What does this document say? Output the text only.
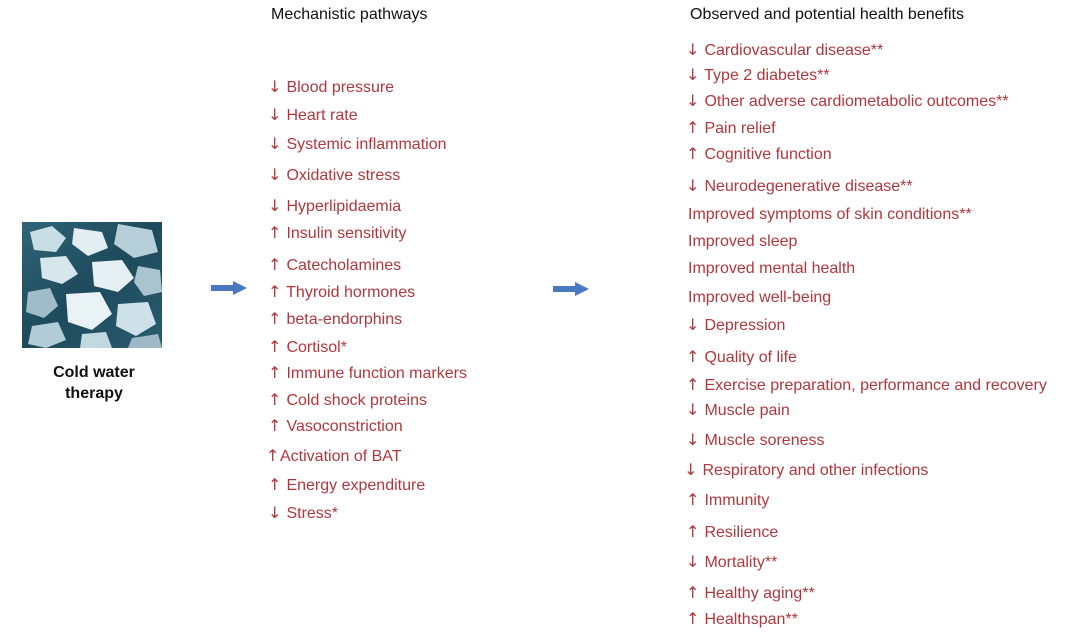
Mechanistic pathways	Observed and potential health benefits
Cold water
therapy
↓ Blood pressure
↓ Heart rate
↓ Systemic inflammation
↓ Oxidative stress
↓ Hyperlipidaemia
↑ Insulin sensitivity
↑ Catecholamines
↑ Thyroid hormones
↑ beta-endorphins
↑ Cortisol*
↑ Immune function markers
↑ Cold shock proteins
↑ Vasoconstriction
↑Activation of BAT
↑ Energy expenditure
↓ Stress*
↓ Cardiovascular disease**
↓ Type 2 diabetes**
↓ Other adverse cardiometabolic outcomes**
↑ Pain relief
↑ Cognitive function
↓ Neurodegenerative disease**
Improved symptoms of skin conditions**
Improved sleep
Improved mental health
Improved well-being
↓ Depression
↑ Quality of life
↑ Exercise preparation, performance and recovery
↓ Muscle pain
↓ Muscle soreness
↓ Respiratory and other infections
↑ Immunity
↑ Resilience
↓ Mortality**
↑ Healthy aging**
↑ Healthspan**
